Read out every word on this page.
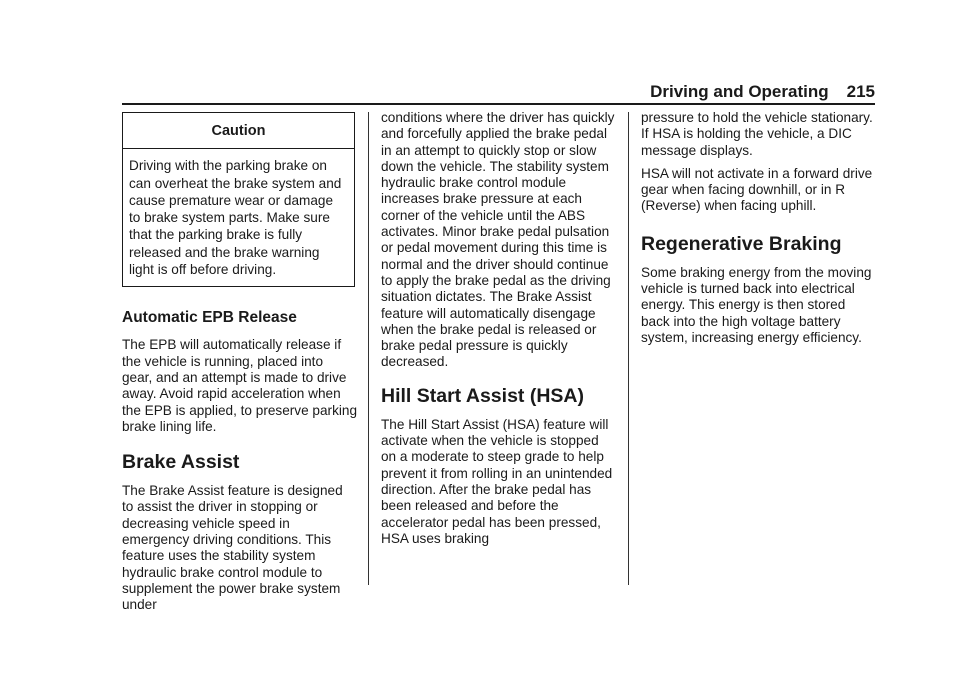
Driving and Operating 215
Caution
Driving with the parking brake on can overheat the brake system and cause premature wear or damage to brake system parts. Make sure that the parking brake is fully released and the brake warning light is off before driving.
Automatic EPB Release

The EPB will automatically release if the vehicle is running, placed into gear, and an attempt is made to drive away. Avoid rapid acceleration when the EPB is applied, to preserve parking brake lining life.

Brake Assist

The Brake Assist feature is designed to assist the driver in stopping or decreasing vehicle speed in emergency driving conditions. This feature uses the stability system hydraulic brake control module to supplement the power brake system under

conditions where the driver has quickly and forcefully applied the brake pedal in an attempt to quickly stop or slow down the vehicle. The stability system hydraulic brake control module increases brake pressure at each corner of the vehicle until the ABS activates. Minor brake pedal pulsation or pedal movement during this time is normal and the driver should continue to apply the brake pedal as the driving situation dictates. The Brake Assist feature will automatically disengage when the brake pedal is released or brake pedal pressure is quickly decreased.

Hill Start Assist (HSA)

The Hill Start Assist (HSA) feature will activate when the vehicle is stopped on a moderate to steep grade to help prevent it from rolling in an unintended direction. After the brake pedal has been released and before the accelerator pedal has been pressed, HSA uses braking

pressure to hold the vehicle stationary. If HSA is holding the vehicle, a DIC message displays.

HSA will not activate in a forward drive gear when facing downhill, or in R (Reverse) when facing uphill.

Regenerative Braking

Some braking energy from the moving vehicle is turned back into electrical energy. This energy is then stored back into the high voltage battery system, increasing energy efficiency.
